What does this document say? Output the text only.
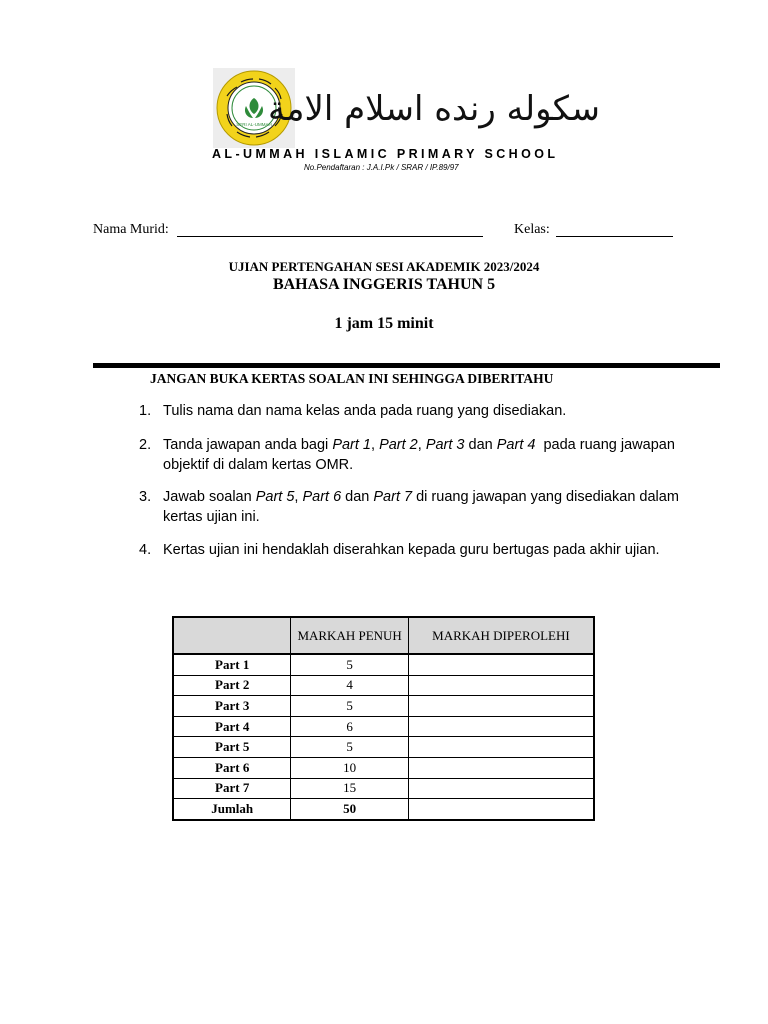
SERI AL-UMMAH
سكوله رنده اسلام الامة
AL-UMMAH ISLAMIC PRIMARY SCHOOL
No.Pendaftaran : J.A.I.Pk / SRAR / IP.89/97
Nama Murid:	Kelas:
UJIAN PERTENGAHAN SESI AKADEMIK 2023/2024
BAHASA INGGERIS TAHUN 5
1 jam 15 minit
JANGAN BUKA KERTAS SOALAN INI SEHINGGA DIBERITAHU
1. Tulis nama dan nama kelas anda pada ruang yang disediakan.
2. Tanda jawapan anda bagi Part 1, Part 2, Part 3 dan Part 4  pada ruang jawapan objektif di dalam kertas OMR.
3. Jawab soalan Part 5, Part 6 dan Part 7 di ruang jawapan yang disediakan dalam kertas ujian ini.
4. Kertas ujian ini hendaklah diserahkan kepada guru bertugas pada akhir ujian.
	MARKAH PENUH	MARKAH DIPEROLEHI
Part 1	5	
Part 2	4	
Part 3	5	
Part 4	6	
Part 5	5	
Part 6	10	
Part 7	15	
Jumlah	50	
